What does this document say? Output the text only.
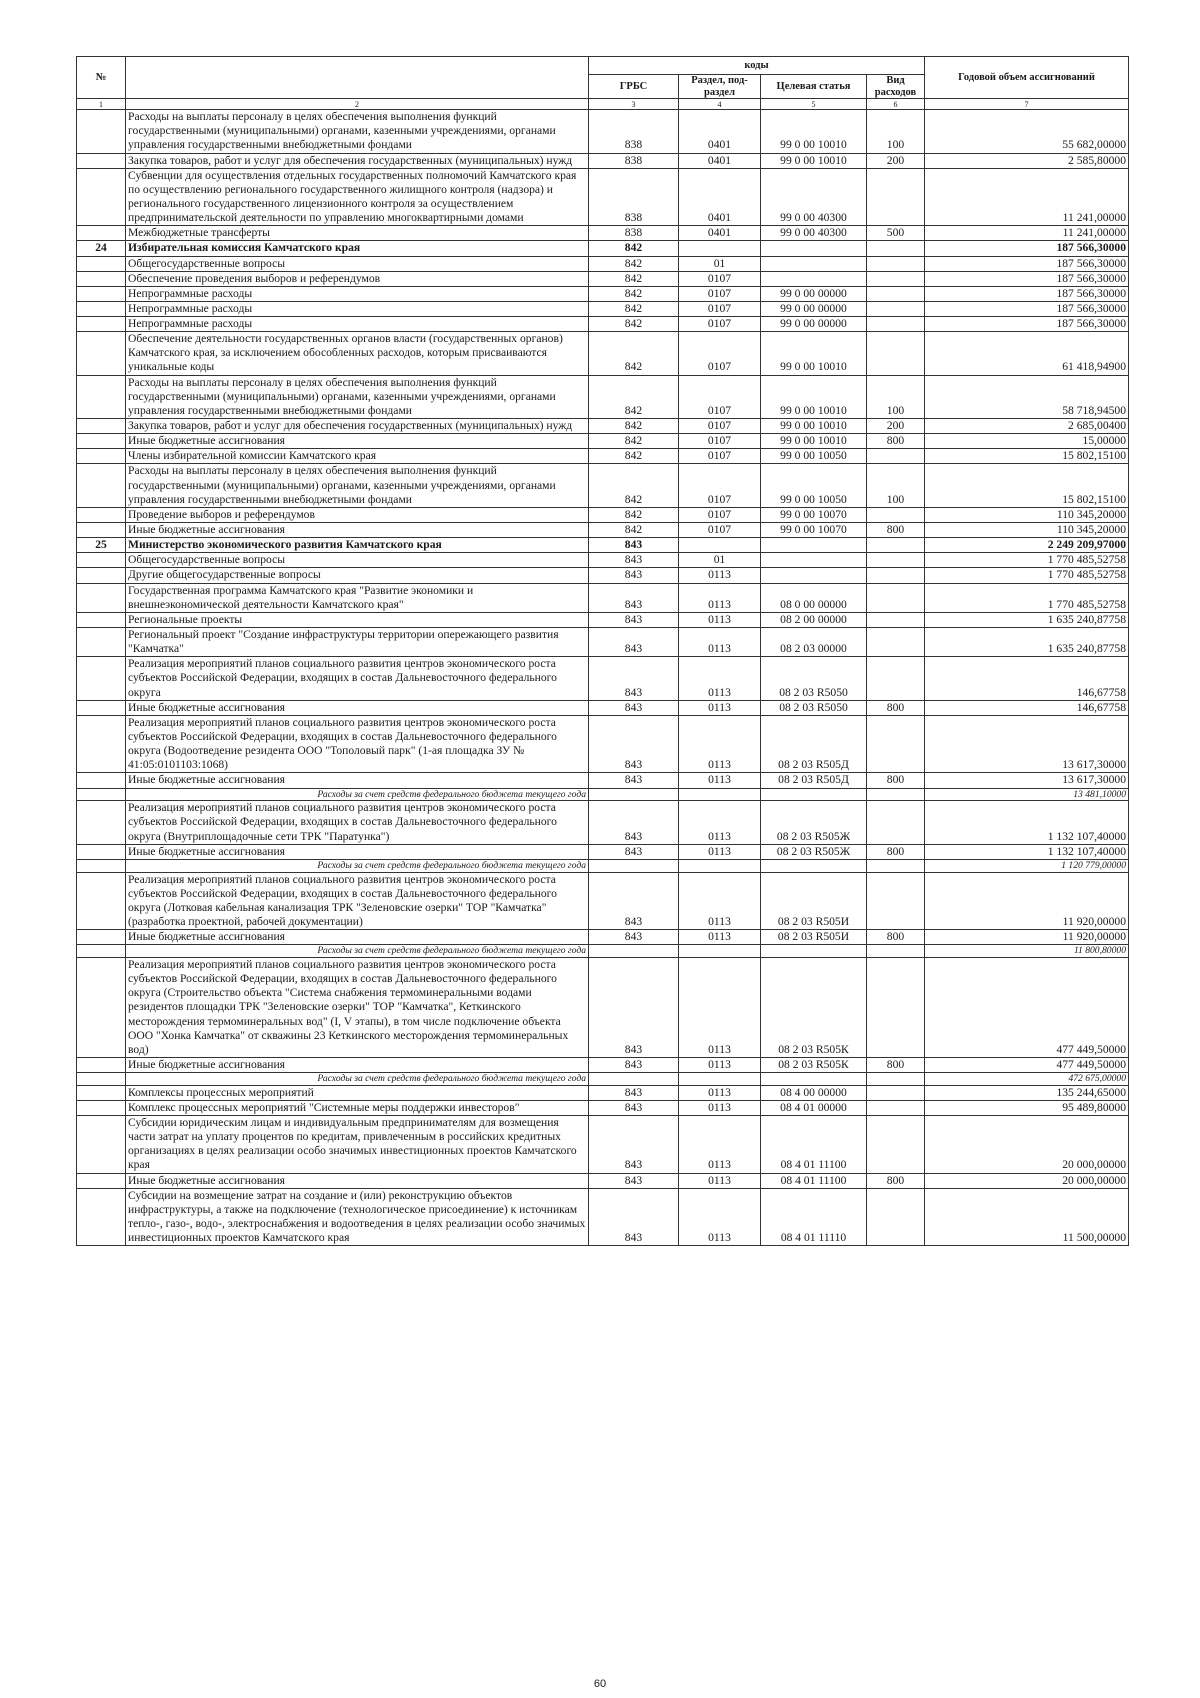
№		коды				Годовой объем ассигнований
		ГРБС	Раздел, под-раздел	Целевая статья	Вид расходов	
1	2	3	4	5	6	7
	Расходы на выплаты персоналу в целях обеспечения выполнения функций государственными (муниципальными) органами, казенными учреждениями, органами управления государственными внебюджетными фондами	838	0401	99 0 00 10010	100	55 682,00000
	Закупка товаров, работ и услуг для обеспечения государственных (муниципальных) нужд	838	0401	99 0 00 10010	200	2 585,80000
	Субвенции для осуществления отдельных государственных полномочий Камчатского края по осуществлению регионального государственного жилищного контроля (надзора) и регионального государственного лицензионного контроля за осуществлением предпринимательской деятельности по управлению многоквартирными домами	838	0401	99 0 00 40300		11 241,00000
	Межбюджетные трансферты	838	0401	99 0 00 40300	500	11 241,00000
24	Избирательная комиссия Камчатского края	842				187 566,30000
	Общегосударственные вопросы	842	01			187 566,30000
	Обеспечение проведения выборов и референдумов	842	0107			187 566,30000
	Непрограммные расходы	842	0107	99 0 00 00000		187 566,30000
	Непрограммные расходы	842	0107	99 0 00 00000		187 566,30000
	Непрограммные расходы	842	0107	99 0 00 00000		187 566,30000
	Обеспечение деятельности государственных органов власти (государственных органов) Камчатского края, за исключением обособленных расходов, которым присваиваются уникальные коды	842	0107	99 0 00 10010		61 418,94900
	Расходы на выплаты персоналу в целях обеспечения выполнения функций государственными (муниципальными) органами, казенными учреждениями, органами управления государственными внебюджетными фондами	842	0107	99 0 00 10010	100	58 718,94500
	Закупка товаров, работ и услуг для обеспечения государственных (муниципальных) нужд	842	0107	99 0 00 10010	200	2 685,00400
	Иные бюджетные ассигнования	842	0107	99 0 00 10010	800	15,00000
	Члены избирательной комиссии Камчатского края	842	0107	99 0 00 10050		15 802,15100
	Расходы на выплаты персоналу в целях обеспечения выполнения функций государственными (муниципальными) органами, казенными учреждениями, органами управления государственными внебюджетными фондами	842	0107	99 0 00 10050	100	15 802,15100
	Проведение выборов и референдумов	842	0107	99 0 00 10070		110 345,20000
	Иные бюджетные ассигнования	842	0107	99 0 00 10070	800	110 345,20000
25	Министерство экономического развития Камчатского края	843				2 249 209,97000
	Общегосударственные вопросы	843	01			1 770 485,52758
	Другие общегосударственные вопросы	843	0113			1 770 485,52758
	Государственная программа Камчатского края "Развитие экономики и внешнеэкономической деятельности Камчатского края"	843	0113	08 0 00 00000		1 770 485,52758
	Региональные проекты	843	0113	08 2 00 00000		1 635 240,87758
	Региональный проект "Создание инфраструктуры территории опережающего развития "Камчатка"	843	0113	08 2 03 00000		1 635 240,87758
	Реализация мероприятий планов социального развития центров экономического роста субъектов Российской Федерации, входящих в состав Дальневосточного федерального округа	843	0113	08 2 03 R5050		146,67758
	Иные бюджетные ассигнования	843	0113	08 2 03 R5050	800	146,67758
	Реализация мероприятий планов социального развития центров экономического роста субъектов Российской Федерации, входящих в состав Дальневосточного федерального округа (Водоотведение резидента ООО "Тополовый парк" (1-ая площадка ЗУ № 41:05:0101103:1068)	843	0113	08 2 03 R505Д		13 617,30000
	Иные бюджетные ассигнования	843	0113	08 2 03 R505Д	800	13 617,30000
	Расходы за счет средств федерального бюджета текущего года					13 481,10000
	Реализация мероприятий планов социального развития центров экономического роста субъектов Российской Федерации, входящих в состав Дальневосточного федерального округа (Внутриплощадочные сети ТРК "Паратунка")	843	0113	08 2 03 R505Ж		1 132 107,40000
	Иные бюджетные ассигнования	843	0113	08 2 03 R505Ж	800	1 132 107,40000
	Расходы за счет средств федерального бюджета текущего года					1 120 779,00000
	Реализация мероприятий планов социального развития центров экономического роста субъектов Российской Федерации, входящих в состав Дальневосточного федерального округа (Лотковая кабельная канализация ТРК "Зеленовские озерки" ТОР "Камчатка" (разработка проектной, рабочей документации)	843	0113	08 2 03 R505И		11 920,00000
	Иные бюджетные ассигнования	843	0113	08 2 03 R505И	800	11 920,00000
	Расходы за счет средств федерального бюджета текущего года					11 800,80000
	Реализация мероприятий планов социального развития центров экономического роста субъектов Российской Федерации, входящих в состав Дальневосточного федерального округа (Строительство объекта "Система снабжения термоминеральными водами резидентов площадки ТРК "Зеленовские озерки" ТОР "Камчатка", Кеткинского месторождения термоминеральных вод" (I, V этапы), в том числе подключение объекта ООО "Хонка Камчатка" от скважины 23 Кеткинского месторождения термоминеральных вод)	843	0113	08 2 03 R505К		477 449,50000
	Иные бюджетные ассигнования	843	0113	08 2 03 R505К	800	477 449,50000
	Расходы за счет средств федерального бюджета текущего года					472 675,00000
	Комплексы процессных мероприятий	843	0113	08 4 00 00000		135 244,65000
	Комплекс процессных мероприятий "Системные меры поддержки инвесторов"	843	0113	08 4 01 00000		95 489,80000
	Субсидии юридическим лицам и индивидуальным предпринимателям для возмещения части затрат на уплату процентов по кредитам, привлеченным в российских кредитных организациях в целях реализации особо значимых инвестиционных проектов Камчатского края	843	0113	08 4 01 11100		20 000,00000
	Иные бюджетные ассигнования	843	0113	08 4 01 11100	800	20 000,00000
	Субсидии на возмещение затрат на создание и (или) реконструкцию объектов инфраструктуры, а также на подключение (технологическое присоединение) к источникам тепло-, газо-, водо-, электроснабжения и водоотведения в целях реализации особо значимых инвестиционных проектов Камчатского края	843	0113	08 4 01 11110		11 500,00000
60
